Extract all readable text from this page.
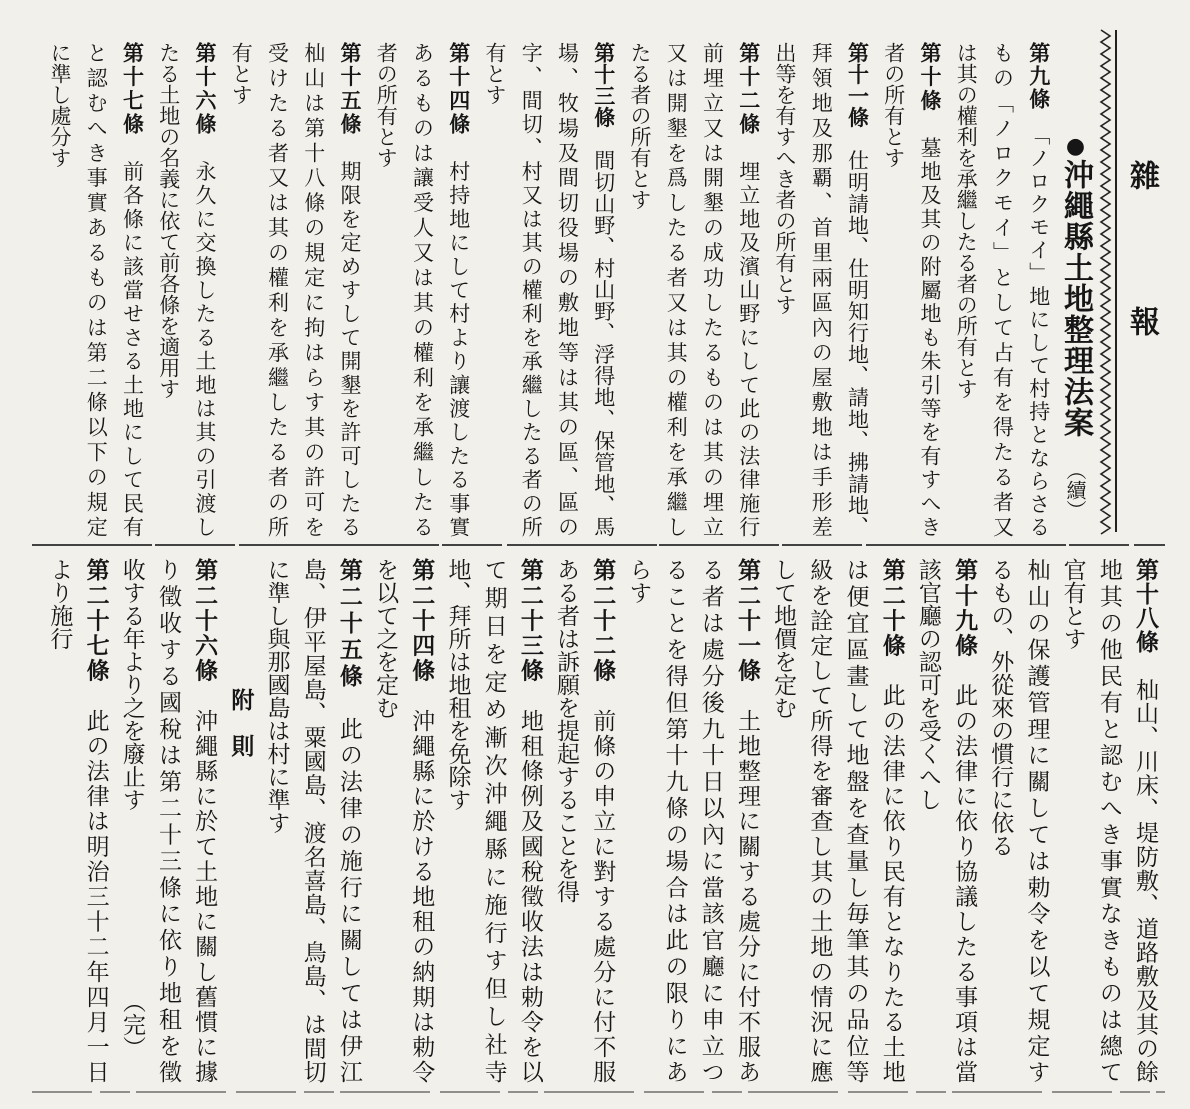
雜報
●沖繩縣土地整理法案（續）
第九條　「ノロクモイ」地にして村持とならさる
もの「ノロクモイ」として占有を得たる者又
は其の權利を承繼したる者の所有とす
第十條　墓地及其の附屬地も朱引等を有すへき
者の所有とす
第十一條　仕明請地、仕明知行地、請地、拂請地、
拜領地及那覇、首里兩區內の屋敷地は手形差
出等を有すへき者の所有とす
第十二條　埋立地及濱山野にして此の法律施行
前埋立又は開墾の成功したるものは其の埋立
又は開墾を爲したる者又は其の權利を承繼し
たる者の所有とす
第十三條　間切山野、村山野、浮得地、保管地、馬
場、牧場及間切役場の敷地等は其の區、區の
字、間切、村又は其の權利を承繼したる者の所
有とす
第十四條　村持地にして村より讓渡したる事實
あるものは讓受人又は其の權利を承繼したる
者の所有とす
第十五條　期限を定めすして開墾を許可したる
杣山は第十八條の規定に拘はらす其の許可を
受けたる者又は其の權利を承繼したる者の所
有とす
第十六條　永久に交換したる土地は其の引渡し
たる土地の名義に依て前各條を適用す
第十七條　前各條に該當せさる土地にして民有
と認むへき事實あるものは第二條以下の規定
に準し處分す
第十八條　杣山、川床、堤防敷、道路敷及其の餘
地其の他民有と認むへき事實なきものは總て
官有とす
杣山の保護管理に關しては勅令を以て規定す
るもの、外從來の慣行に依る
第十九條　此の法律に依り協議したる事項は當
該官廳の認可を受くへし
第二十條　此の法律に依り民有となりたる土地
は便宜區畫して地盤を查量し毎筆其の品位等
級を詮定して所得を審查し其の土地の情況に應
して地價を定む
第二十一條　土地整理に關する處分に付不服あ
る者は處分後九十日以內に當該官廳に申立つ
ることを得但第十九條の場合は此の限りにあ
らす
第二十二條　前條の申立に對する處分に付不服
ある者は訴願を提起することを得
第二十三條　地租條例及國稅徵收法は勅令を以
て期日を定め漸次沖繩縣に施行す但し社寺
地、拜所は地租を免除す
第二十四條　沖繩縣に於ける地租の納期は勅令
を以て之を定む
第二十五條　此の法律の施行に關しては伊江
島、伊平屋島、粟國島、渡名喜島、鳥島、は間切
に準し與那國島は村に準す
附　則
第二十六條　沖繩縣に於て土地に關し舊慣に據
り徵收する國稅は第二十三條に依り地租を徵
收する年より之を廢止す
第二十七條　此の法律は明治三十二年四月一日
より施行
（完）
